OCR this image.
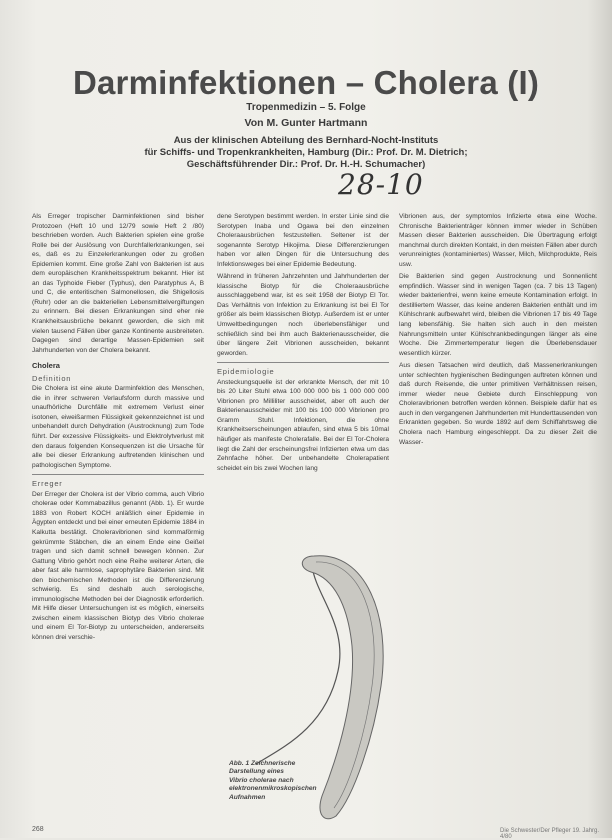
Darminfektionen – Cholera (I)
Tropenmedizin – 5. Folge
Von M. Gunter Hartmann
Aus der klinischen Abteilung des Bernhard-Nocht-Instituts
für Schiffs- und Tropenkrankheiten, Hamburg (Dir.: Prof. Dr. M. Dietrich;
Geschäftsführender Dir.: Prof. Dr. H.-H. Schumacher)
28-10

Als Erreger tropischer Darminfektionen sind bisher Protozoen (Heft 10 und 12/79 sowie Heft 2 /80) beschrieben worden. Auch Bakterien spielen eine große Rolle bei der Auslösung von Durchfallerkrankungen, sei es, daß es zu Einzelerkrankungen oder zu großen Epidemien kommt. Eine große Zahl von Bakterien ist aus dem europäischen Krankheitsspektrum bekannt. Hier ist an das Typhoide Fieber (Typhus), den Paratyphus A, B und C, die enteritischen Salmonellosen, die Shigellosis (Ruhr) oder an die bakteriellen Lebensmittelvergiftungen zu erinnern. Bei diesen Erkrankungen sind eher nie Krankheitsausbrüche bekannt geworden, die sich mit vielen tausend Fällen über ganze Kontinente ausbreiteten. Dagegen sind derartige Massen-Epidemien seit Jahrhunderten von der Cholera bekannt.

Cholera
Definition

Die Cholera ist eine akute Darminfektion des Menschen, die in ihrer schweren Verlaufsform durch massive und unaufhörliche Durchfälle mit extremem Verlust einer isotonen, eiweißarmen Flüssigkeit gekennzeichnet ist und unbehandelt durch Dehydration (Austrocknung) zum Tode führt. Der exzessive Flüssigkeits- und Elektrolytverlust mit den daraus folgenden Konsequenzen ist die Ursache für alle bei dieser Erkrankung auftretenden klinischen und pathologischen Symptome.

Erreger

Der Erreger der Cholera ist der Vibrio comma, auch Vibrio cholerae oder Kommabazillus genannt (Abb. 1). Er wurde 1883 von Robert KOCH anläßlich einer Epidemie in Ägypten entdeckt und bei einer erneuten Epidemie 1884 in Kalkutta bestätigt. Choleravibrionen sind kommaförmig gekrümmte Stäbchen, die an einem Ende eine Geißel tragen und sich damit schnell bewegen können. Zur Gattung Vibrio gehört noch eine Reihe weiterer Arten, die aber fast alle harmlose, saprophytäre Bakterien sind. Mit den biochemischen Methoden ist die Differenzierung schwierig. Es sind deshalb auch serologische, immunologische Methoden bei der Diagnostik erforderlich. Mit Hilfe dieser Untersuchungen ist es möglich, einerseits zwischen einem klassischen Biotyp des Vibrio cholerae und einem El Tor-Biotyp zu unterscheiden, andererseits können drei verschie-

dene Serotypen bestimmt werden. In erster Linie sind die Serotypen Inaba und Ogawa bei den einzelnen Choleraausbrüchen festzustellen. Seltener ist der sogenannte Serotyp Hikojima. Diese Differenzierungen haben vor allen Dingen für die Untersuchung des Infektionsweges bei einer Epidemie Bedeutung.

Während in früheren Jahrzehnten und Jahrhunderten der klassische Biotyp für die Choleraausbrüche ausschlaggebend war, ist es seit 1958 der Biotyp El Tor. Das Verhältnis von Infektion zu Erkrankung ist bei El Tor größer als beim klassischen Biotyp. Außerdem ist er unter Umweltbedingungen noch überlebensfähiger und schließlich sind bei ihm auch Bakterienausscheider, die über längere Zeit Vibrionen ausscheiden, bekannt geworden.

Epidemiologie

Ansteckungsquelle ist der erkrankte Mensch, der mit 10 bis 20 Liter Stuhl etwa 100 000 000 bis 1 000 000 000 Vibrionen pro Milliliter ausscheidet, aber oft auch der Bakterienausscheider mit 100 bis 100 000 Vibrionen pro Gramm Stuhl. Infektionen, die ohne Krankheitserscheinungen ablaufen, sind etwa 5 bis 10mal häufiger als manifeste Cholerafalle. Bei der El Tor-Cholera liegt die Zahl der erscheinungsfrei Infizierten etwa um das Zehnfache höher. Der unbehandelte Cholerapatient scheidet ein bis zwei Wochen lang

Vibrionen aus, der symptomlos Infizierte etwa eine Woche. Chronische Bakterienträger können immer wieder in Schüben Massen dieser Bakterien ausscheiden. Die Übertragung erfolgt manchmal durch direkten Kontakt, in den meisten Fällen aber durch verunreinigtes (kontaminiertes) Wasser, Milch, Milchprodukte, Reis usw.

Die Bakterien sind gegen Austrocknung und Sonnenlicht empfindlich. Wasser sind in wenigen Tagen (ca. 7 bis 13 Tagen) wieder bakterienfrei, wenn keine erneute Kontamination erfolgt. In destilliertem Wasser, das keine anderen Bakterien enthält und im Kühlschrank aufbewahrt wird, bleiben die Vibrionen 17 bis 49 Tage lang lebensfähig. Sie halten sich auch in den meisten Nahrungsmitteln unter Kühlschrankbedingungen länger als eine Woche. Die Zimmertemperatur liegen die Überlebensdauer wesentlich kürzer.

Aus diesen Tatsachen wird deutlich, daß Massenerkrankungen unter schlechten hygienischen Bedingungen auftreten können und daß durch Reisende, die unter primitiven Verhältnissen reisen, immer wieder neue Gebiete durch Einschleppung von Choleravibrionen betroffen werden können. Beispiele dafür hat es auch in den vergangenen Jahrhunderten mit Hunderttausenden von Erkrankten gegeben. So wurde 1892 auf dem Schiffahrtsweg die Cholera nach Hamburg eingeschleppt. Da zu dieser Zeit die Wasser-

Abb. 1 Zeichnerische Darstellung eines Vibrio cholerae nach elektronenmikroskopischen Aufnahmen
268	Die Schwester/Der Pfleger 19. Jahrg. 4/80
